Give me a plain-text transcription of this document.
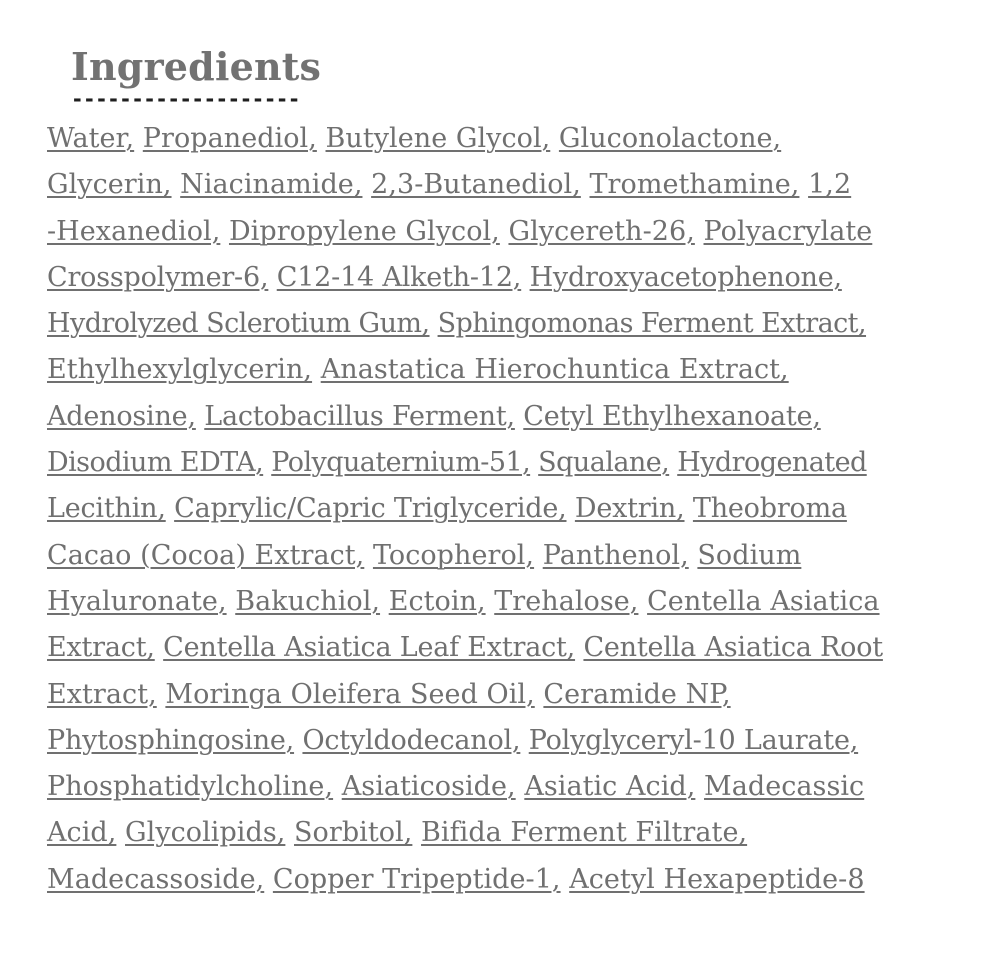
Ingredients
-------------------

Water, Propanediol, Butylene Glycol, Gluconolactone,
Glycerin, Niacinamide, 2,3-Butanediol, Tromethamine, 1,2
-Hexanediol, Dipropylene Glycol, Glycereth-26, Polyacrylate
Crosspolymer-6, C12-14 Alketh-12, Hydroxyacetophenone,
Hydrolyzed Sclerotium Gum, Sphingomonas Ferment Extract,
Ethylhexylglycerin, Anastatica Hierochuntica Extract,
Adenosine, Lactobacillus Ferment, Cetyl Ethylhexanoate,
Disodium EDTA, Polyquaternium-51, Squalane, Hydrogenated
Lecithin, Caprylic/Capric Triglyceride, Dextrin, Theobroma
Cacao (Cocoa) Extract, Tocopherol, Panthenol, Sodium
Hyaluronate, Bakuchiol, Ectoin, Trehalose, Centella Asiatica
Extract, Centella Asiatica Leaf Extract, Centella Asiatica Root
Extract, Moringa Oleifera Seed Oil, Ceramide NP,
Phytosphingosine, Octyldodecanol, Polyglyceryl-10 Laurate,
Phosphatidylcholine, Asiaticoside, Asiatic Acid, Madecassic
Acid, Glycolipids, Sorbitol, Bifida Ferment Filtrate,
Madecassoside, Copper Tripeptide-1, Acetyl Hexapeptide-8
